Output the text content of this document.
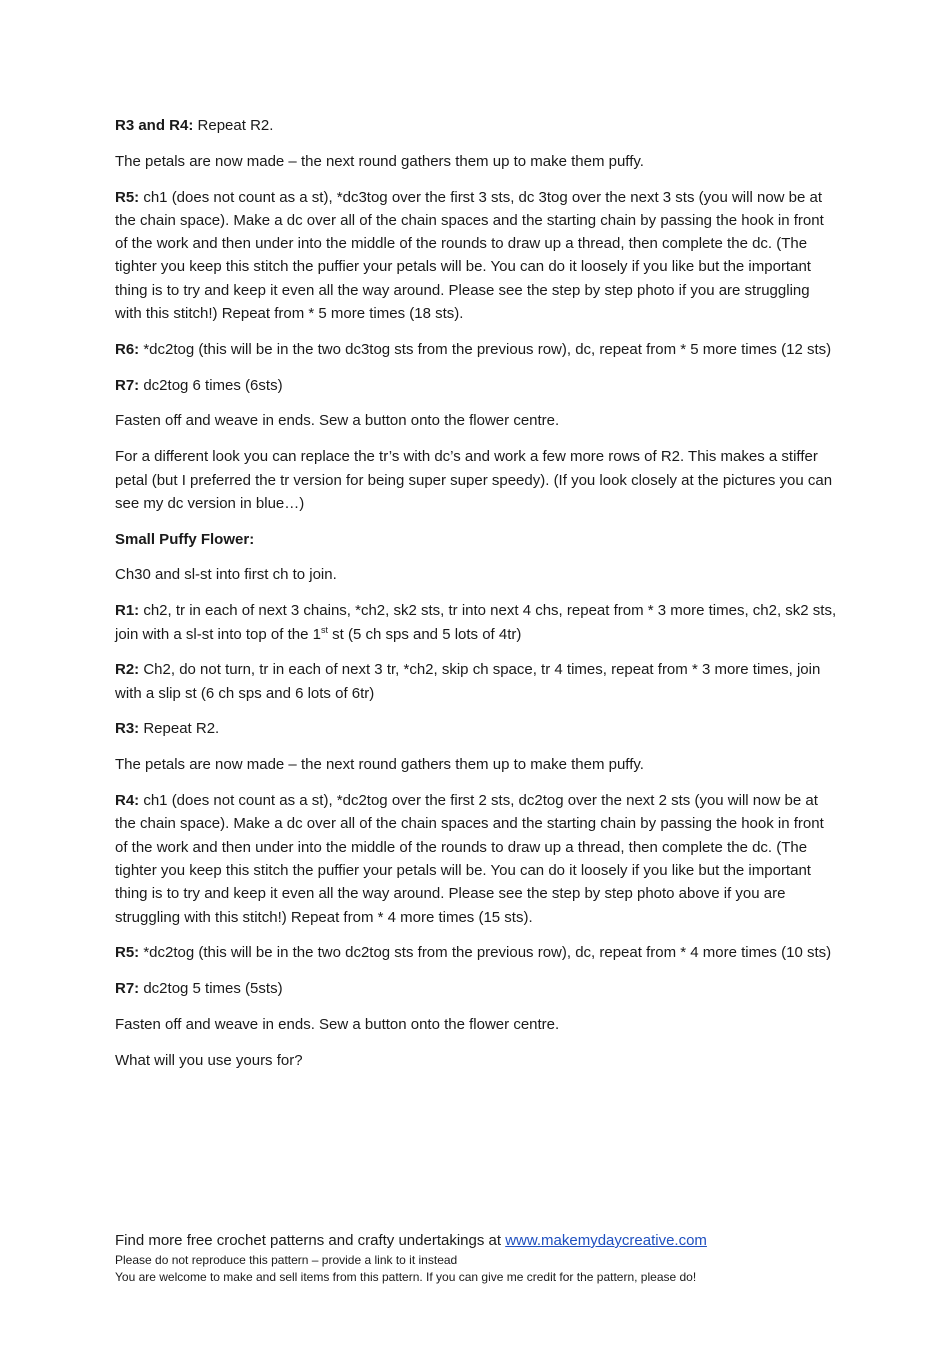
R3 and R4: Repeat R2.

The petals are now made – the next round gathers them up to make them puffy.

R5: ch1 (does not count as a st), *dc3tog over the first 3 sts, dc 3tog over the next 3 sts (you will now be at the chain space). Make a dc over all of the chain spaces and the starting chain by passing the hook in front of the work and then under into the middle of the rounds to draw up a thread, then complete the dc. (The tighter you keep this stitch the puffier your petals will be. You can do it loosely if you like but the important thing is to try and keep it even all the way around. Please see the step by step photo if you are struggling with this stitch!) Repeat from * 5 more times (18 sts).

R6: *dc2tog (this will be in the two dc3tog sts from the previous row), dc, repeat from * 5 more times (12 sts)

R7: dc2tog 6 times (6sts)

Fasten off and weave in ends. Sew a button onto the flower centre.

For a different look you can replace the tr’s with dc’s and work a few more rows of R2. This makes a stiffer petal (but I preferred the tr version for being super super speedy). (If you look closely at the pictures you can see my dc version in blue…)

Small Puffy Flower:

Ch30 and sl-st into first ch to join.

R1: ch2, tr in each of next 3 chains, *ch2, sk2 sts, tr into next 4 chs, repeat from * 3 more times, ch2, sk2 sts, join with a sl-st into top of the 1st st (5 ch sps and 5 lots of 4tr)

R2: Ch2, do not turn, tr in each of next 3 tr, *ch2, skip ch space, tr 4 times, repeat from * 3 more times, join with a slip st (6 ch sps and 6 lots of 6tr)

R3: Repeat R2.

The petals are now made – the next round gathers them up to make them puffy.

R4: ch1 (does not count as a st), *dc2tog over the first 2 sts, dc2tog over the next 2 sts (you will now be at the chain space). Make a dc over all of the chain spaces and the starting chain by passing the hook in front of the work and then under into the middle of the rounds to draw up a thread, then complete the dc. (The tighter you keep this stitch the puffier your petals will be. You can do it loosely if you like but the important thing is to try and keep it even all the way around. Please see the step by step photo above if you are struggling with this stitch!) Repeat from * 4 more times (15 sts).

R5: *dc2tog (this will be in the two dc2tog sts from the previous row), dc, repeat from * 4 more times (10 sts)

R7: dc2tog 5 times (5sts)

Fasten off and weave in ends. Sew a button onto the flower centre.

What will you use yours for?

Find more free crochet patterns and crafty undertakings at www.makemydaycreative.com

Please do not reproduce this pattern – provide a link to it instead

You are welcome to make and sell items from this pattern. If you can give me credit for the pattern, please do!
